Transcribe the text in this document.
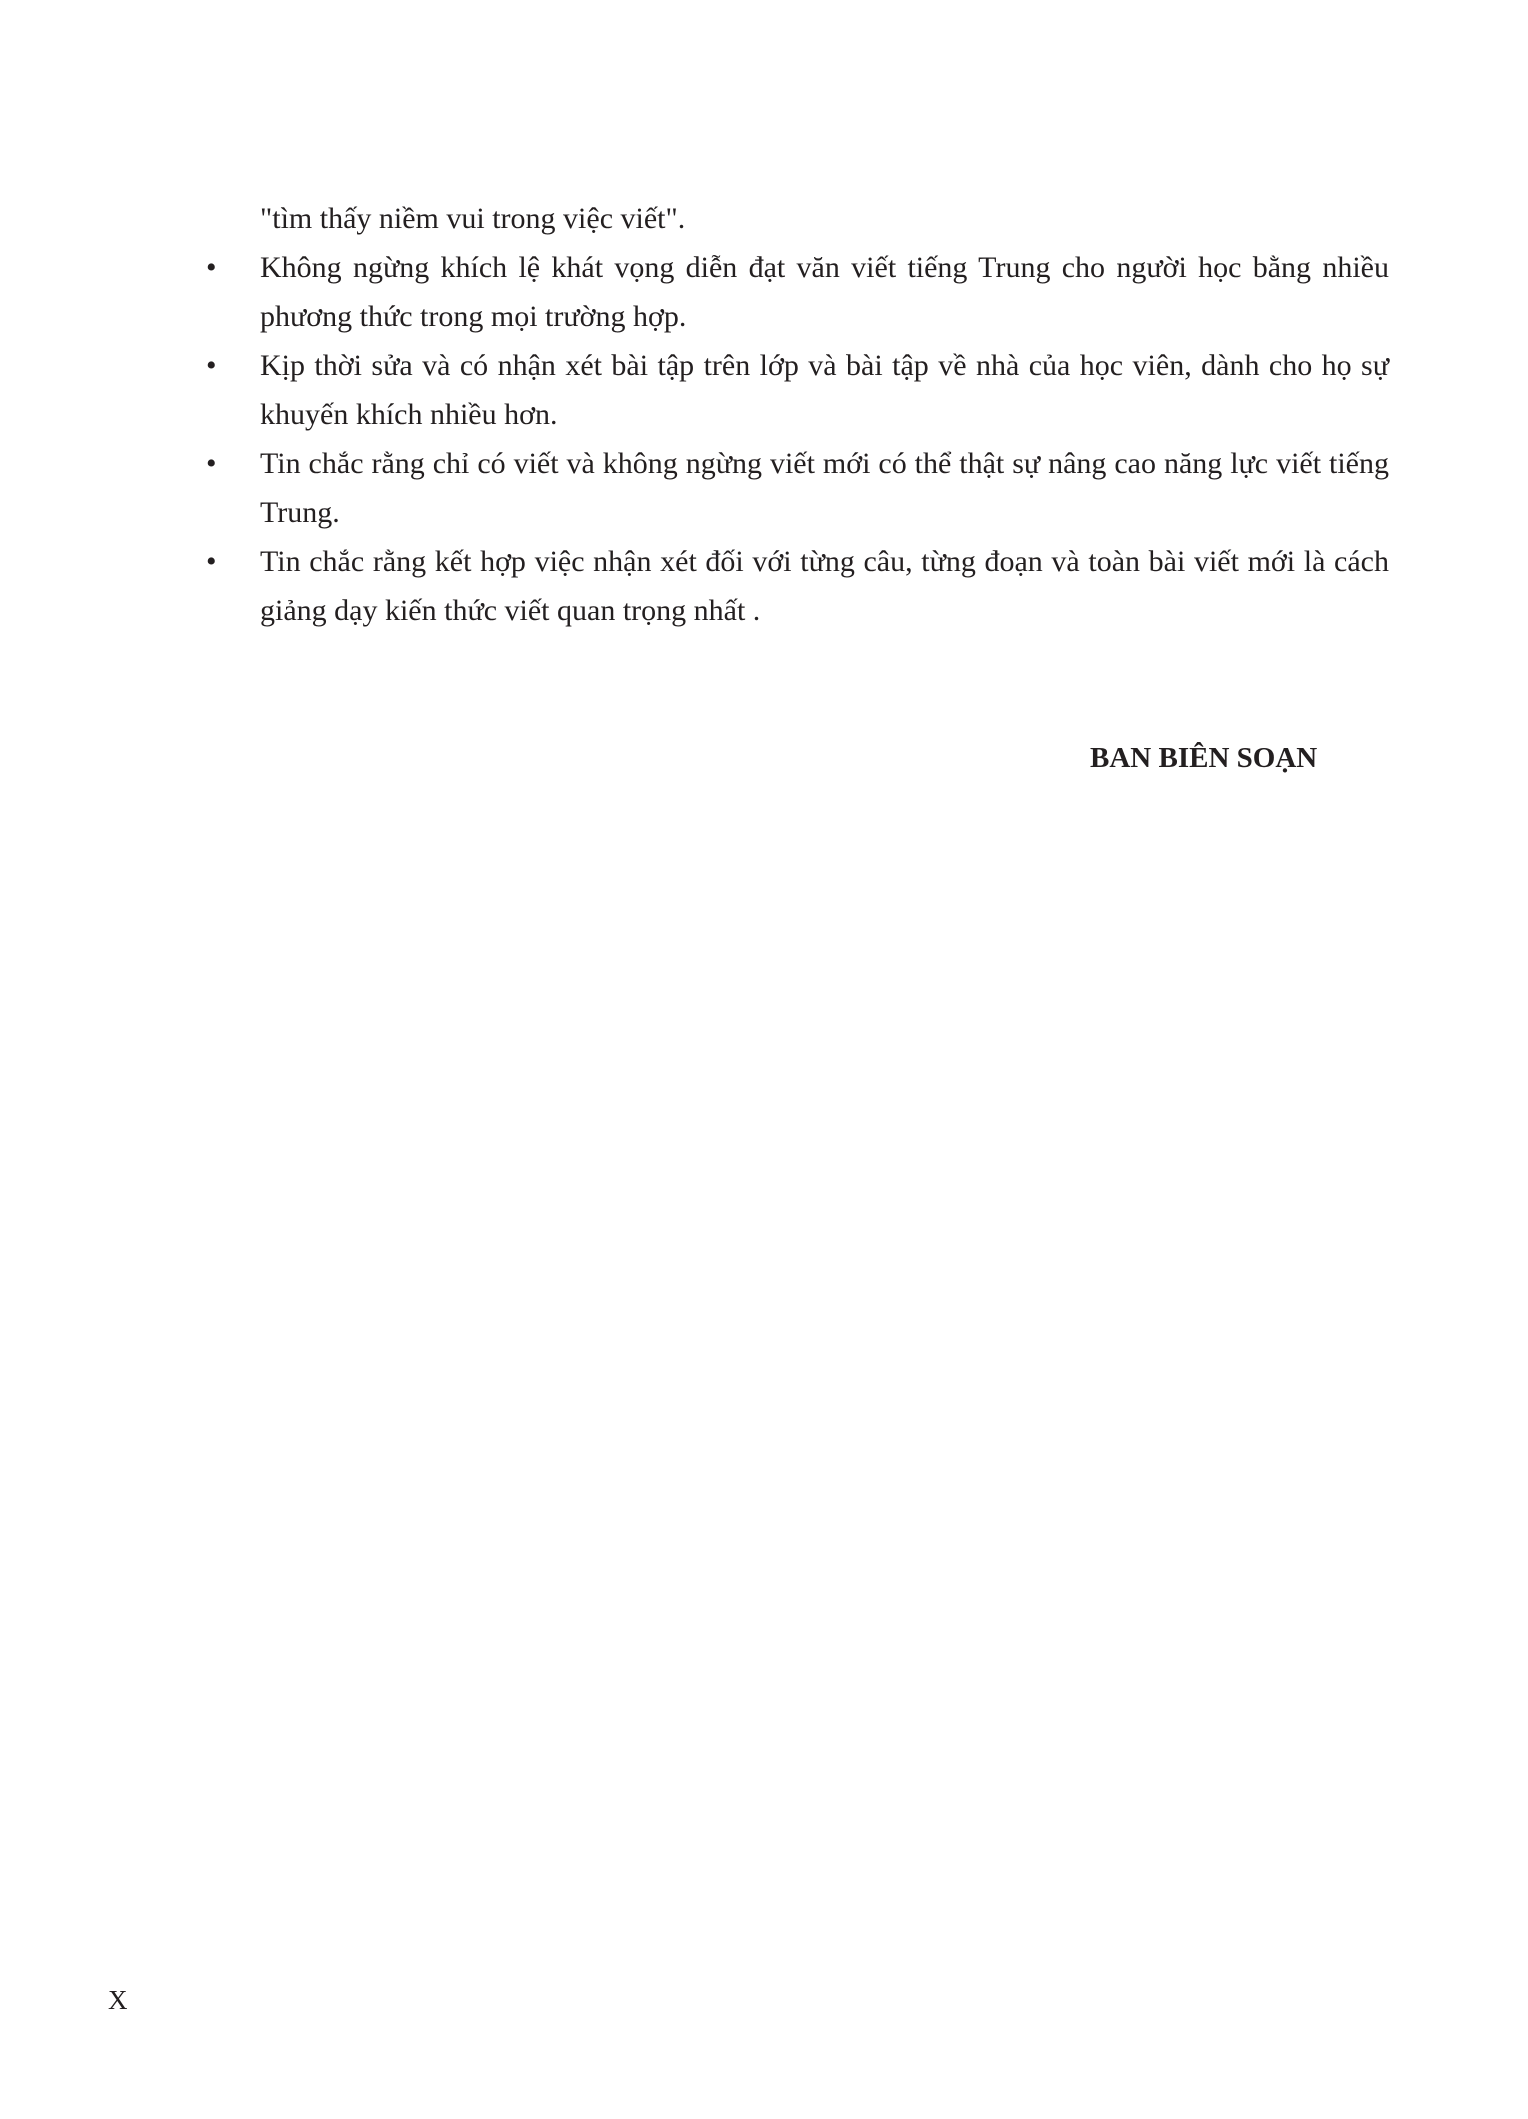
"tìm thấy niềm vui trong việc viết".

•	Không ngừng khích lệ khát vọng diễn đạt văn viết tiếng Trung cho người học bằng nhiều phương thức trong mọi trường hợp.
•	Kịp thời sửa và có nhận xét bài tập trên lớp và bài tập về nhà của học viên, dành cho họ sự khuyến khích nhiều hơn.
•	Tin chắc rằng chỉ có viết và không ngừng viết mới có thể thật sự nâng cao năng lực viết tiếng Trung.
•	Tin chắc rằng kết hợp việc nhận xét đối với từng câu, từng đoạn và toàn bài viết mới là cách giảng dạy kiến thức viết quan trọng nhất .

BAN BIÊN SOẠN

X
